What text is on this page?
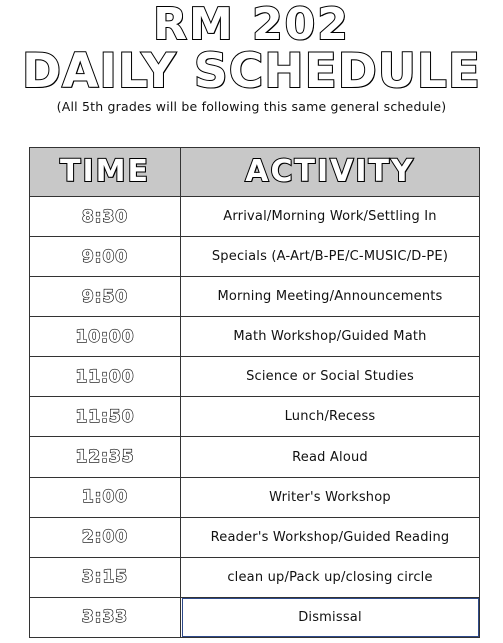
RM 202
DAILY SCHEDULE
(All 5th grades will be following this same general schedule)
TIME	ACTIVITY
8:30	Arrival/Morning Work/Settling In
9:00	Specials (A-Art/B-PE/C-MUSIC/D-PE)
9:50	Morning Meeting/Announcements
10:00	Math Workshop/Guided Math
11:00	Science or Social Studies
11:50	Lunch/Recess
12:35	Read Aloud
1:00	Writer's Workshop
2:00	Reader's Workshop/Guided Reading
3:15	clean up/Pack up/closing circle
3:33	Dismissal
